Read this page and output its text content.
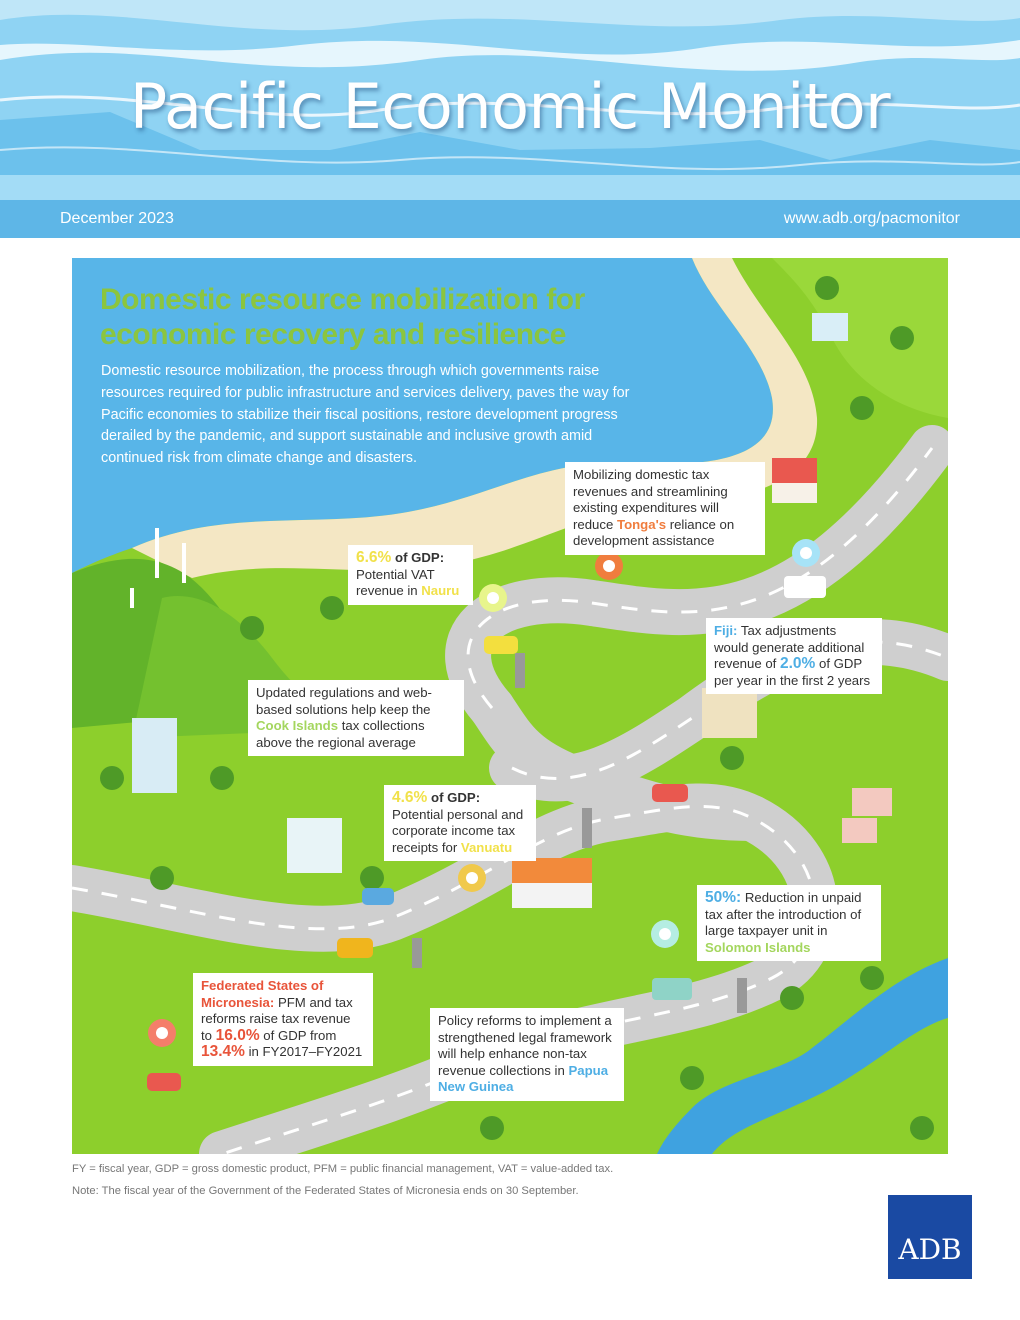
Pacific Economic Monitor
December 2023	www.adb.org/pacmonitor
Domestic resource mobilization for
economic recovery and resilience
Domestic resource mobilization, the process through which governments raise resources required for public infrastructure and services delivery, paves the way for Pacific economies to stabilize their fiscal positions, restore development progress derailed by the pandemic, and support sustainable and inclusive growth amid continued risk from climate change and disasters.
Mobilizing domestic tax revenues and streamlining existing expenditures will reduce Tonga's reliance on development assistance
6.6% of GDP:
Potential VAT revenue in Nauru
Fiji: Tax adjustments would generate additional revenue of 2.0% of GDP per year in the first 2 years
Updated regulations and web-based solutions help keep the Cook Islands tax collections above the regional average
4.6% of GDP:
Potential personal and corporate income tax receipts for Vanuatu
50%: Reduction in unpaid tax after the introduction of large taxpayer unit in Solomon Islands
Federated States of Micronesia: PFM and tax reforms raise tax revenue to 16.0% of GDP from 13.4% in FY2017–FY2021
Policy reforms to implement a strengthened legal framework will help enhance non-tax revenue collections in Papua New Guinea
FY = fiscal year, GDP = gross domestic product, PFM = public financial management, VAT = value-added tax.
Note: The fiscal year of the Government of the Federated States of Micronesia ends on 30 September.
ADB
